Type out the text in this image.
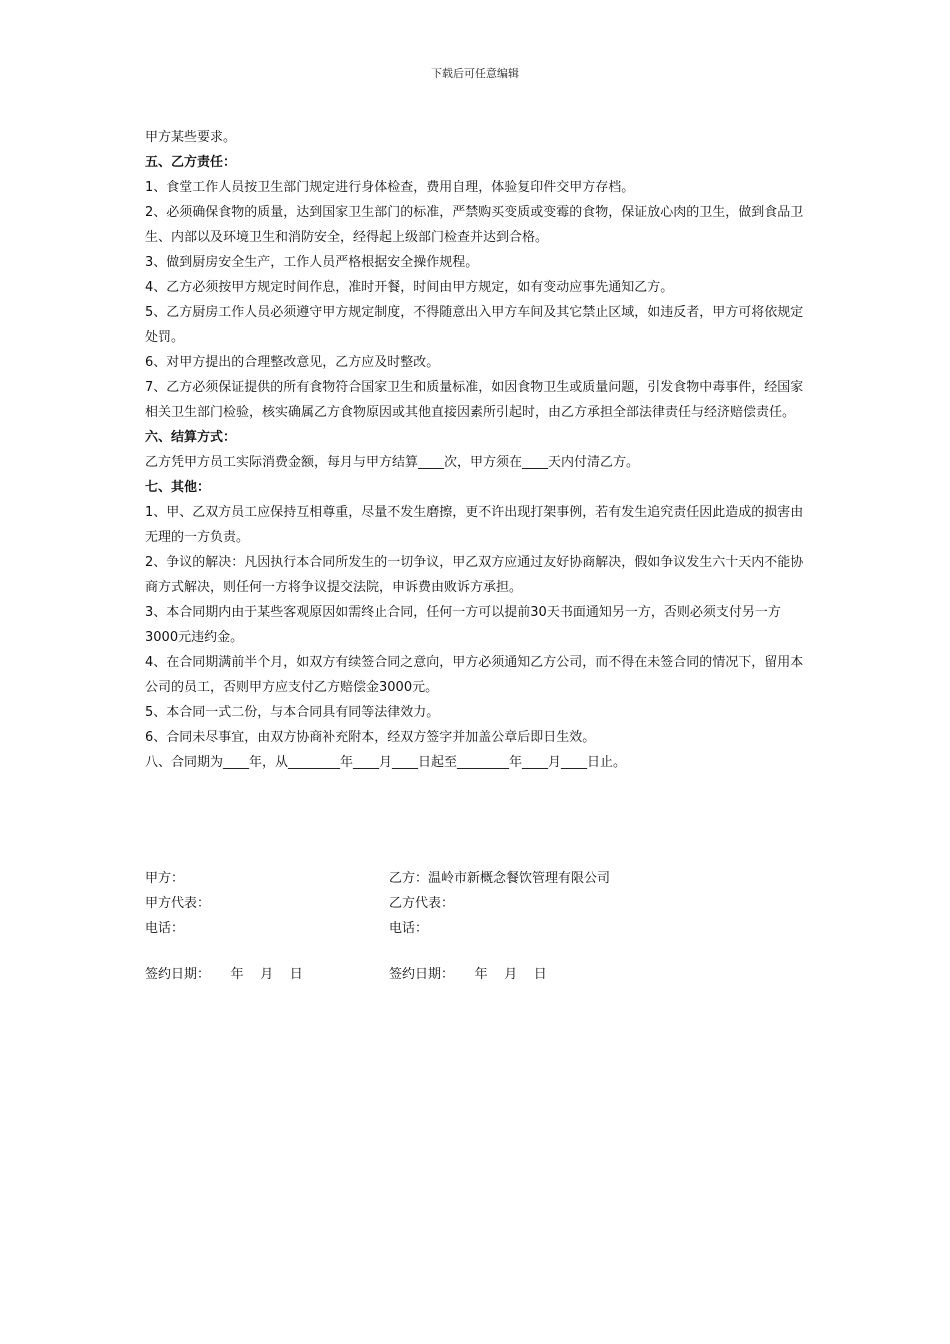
下载后可任意编辑

甲方某些要求。

五、乙方责任：

1、食堂工作人员按卫生部门规定进行身体检查，费用自理，体验复印件交甲方存档。

2、必须确保食物的质量，达到国家卫生部门的标准，严禁购买变质或变霉的食物，保证放心肉的卫生，做到食品卫生、内部以及环境卫生和消防安全，经得起上级部门检查并达到合格。

3、做到厨房安全生产，工作人员严格根据安全操作规程。

4、乙方必须按甲方规定时间作息，准时开餐，时间由甲方规定，如有变动应事先通知乙方。

5、乙方厨房工作人员必须遵守甲方规定制度，不得随意出入甲方车间及其它禁止区域，如违反者，甲方可将依规定处罚。

6、对甲方提出的合理整改意见，乙方应及时整改。

7、乙方必须保证提供的所有食物符合国家卫生和质量标准，如因食物卫生或质量问题，引发食物中毒事件，经国家相关卫生部门检验，核实确属乙方食物原因或其他直接因素所引起时，由乙方承担全部法律责任与经济赔偿责任。

六、结算方式：

乙方凭甲方员工实际消费金额，每月与甲方结算____次，甲方须在____天内付清乙方。

七、其他：

1、甲、乙双方员工应保持互相尊重，尽量不发生磨擦，更不许出现打架事例，若有发生追究责任因此造成的损害由无理的一方负责。

2、争议的解决：凡因执行本合同所发生的一切争议，甲乙双方应通过友好协商解决，假如争议发生六十天内不能协商方式解决，则任何一方将争议提交法院，申诉费由败诉方承担。

3、本合同期内由于某些客观原因如需终止合同，任何一方可以提前30天书面通知另一方，否则必须支付另一方3000元违约金。

4、在合同期满前半个月，如双方有续签合同之意向，甲方必须通知乙方公司，而不得在未签合同的情况下，留用本公司的员工，否则甲方应支付乙方赔偿金3000元。

5、本合同一式二份，与本合同具有同等法律效力。

6、合同未尽事宜，由双方协商补充附本，经双方签字并加盖公章后即日生效。

八、合同期为____年，从________年____月____日起至________年____月____日止。

甲方：	乙方：温岭市新概念餐饮管理有限公司
甲方代表：	乙方代表：
电话：	电话：
签约日期：     年    月    日	签约日期：     年    月    日
